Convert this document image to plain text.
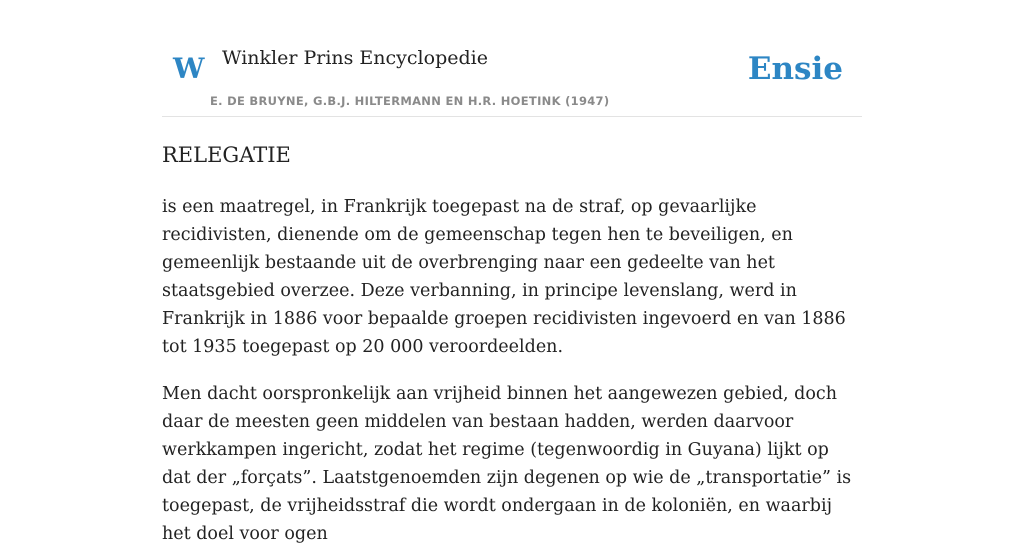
W Winkler Prins Encyclopedie
E. DE BRUYNE, G.B.J. HILTERMANN EN H.R. HOETINK (1947)
Ensie
RELEGATIE

is een maatregel, in Frankrijk toegepast na de straf, op gevaarlijke recidivisten, dienende om de gemeenschap tegen hen te beveiligen, en gemeenlijk bestaande uit de overbrenging naar een gedeelte van het staatsgebied overzee. Deze verbanning, in principe levenslang, werd in Frankrijk in 1886 voor bepaalde groepen recidivisten ingevoerd en van 1886 tot 1935 toegepast op 20 000 veroordeelden.

Men dacht oorspronkelijk aan vrijheid binnen het aangewezen gebied, doch daar de meesten geen middelen van bestaan hadden, werden daarvoor werkkampen ingericht, zodat het regime (tegenwoordig in Guyana) lijkt op dat der „forçats”. Laatstgenoemden zijn degenen op wie de „transportatie” is toegepast, de vrijheidsstraf die wordt ondergaan in de koloniën, en waarbij het doel voor ogen
